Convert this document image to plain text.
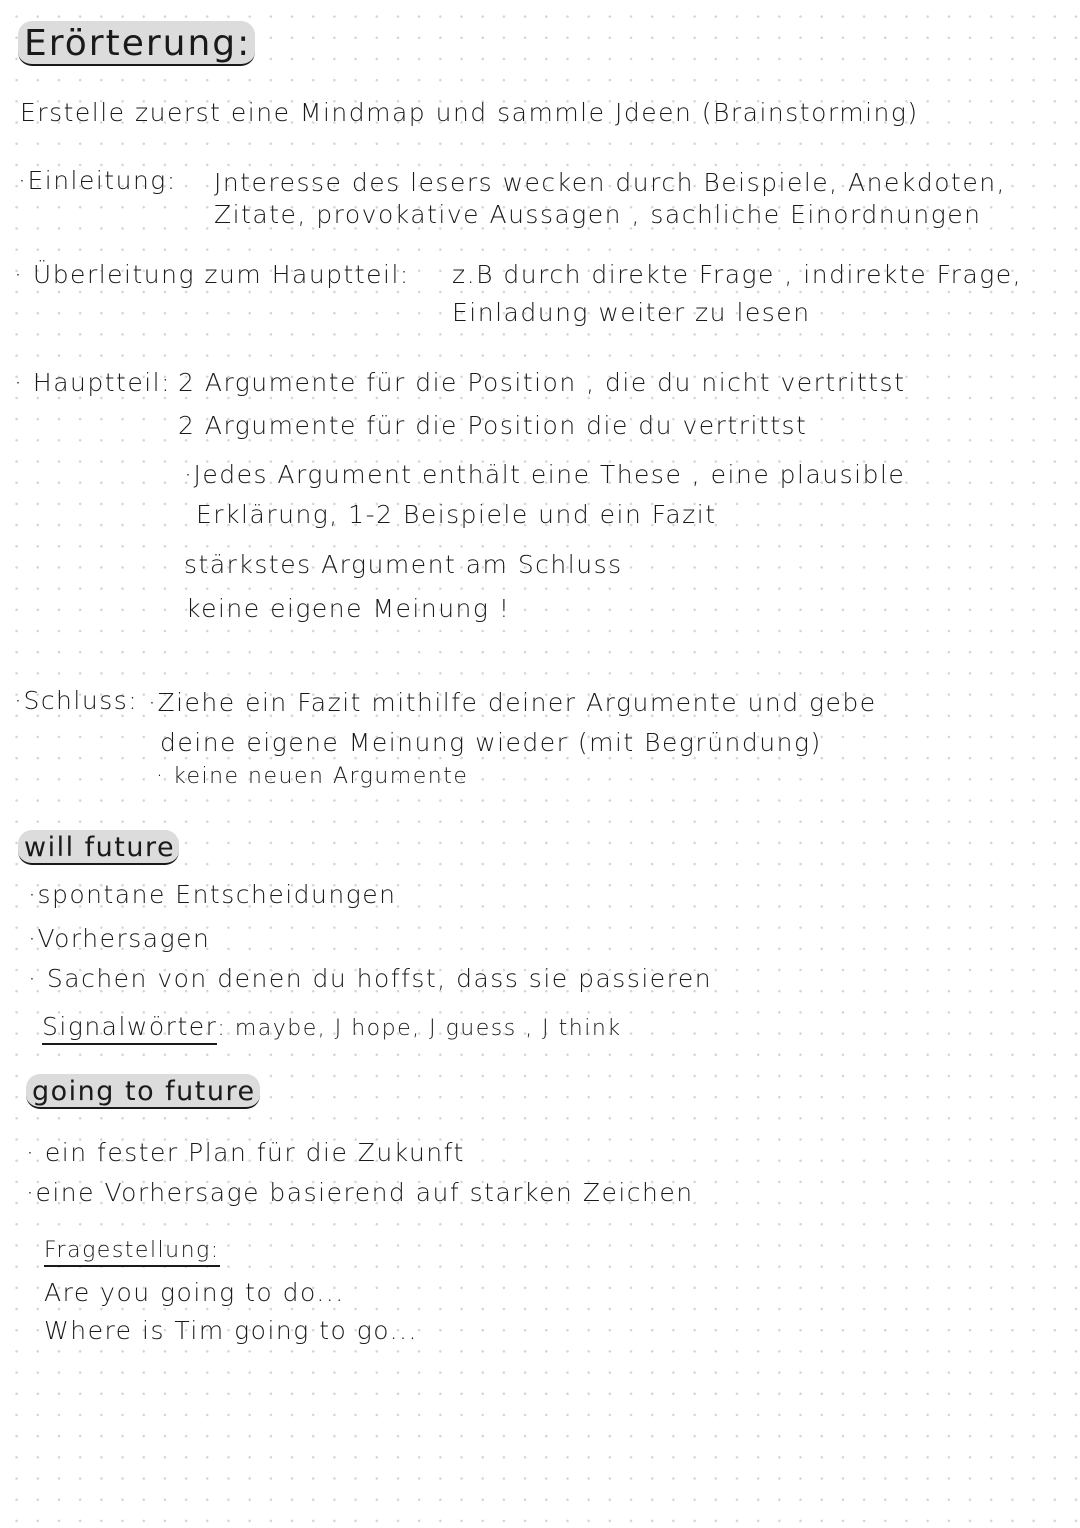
Erörterung:
Erstelle zuerst eine Mindmap und sammle Jdeen (Brainstorming)
·Einleitung: Jnteresse des lesers wecken durch Beispiele, Anekdoten,
Zitate, provokative Aussagen , sachliche Einordnungen
· Überleitung zum Hauptteil: z.B durch direkte Frage , indirekte Frage,
Einladung weiter zu lesen
· Hauptteil: 2 Argumente für die Position , die du nicht vertrittst
2 Argumente für die Position die du vertrittst
·Jedes Argument enthält eine These , eine plausible
Erklärung, 1-2 Beispiele und ein Fazit
stärkstes Argument am Schluss
keine eigene Meinung !
·Schluss: ·Ziehe ein Fazit mithilfe deiner Argumente und gebe
deine eigene Meinung wieder (mit Begründung)
· keine neuen Argumente
will future
·spontane Entscheidungen
·Vorhersagen
· Sachen von denen du hoffst, dass sie passieren
Signalwörter: maybe, J hope, J guess , J think
going to future
· ein fester Plan für die Zukunft
·eine Vorhersage basierend auf starken Zeichen
Fragestellung:
Are you going to do...
Where is Tim going to go...
